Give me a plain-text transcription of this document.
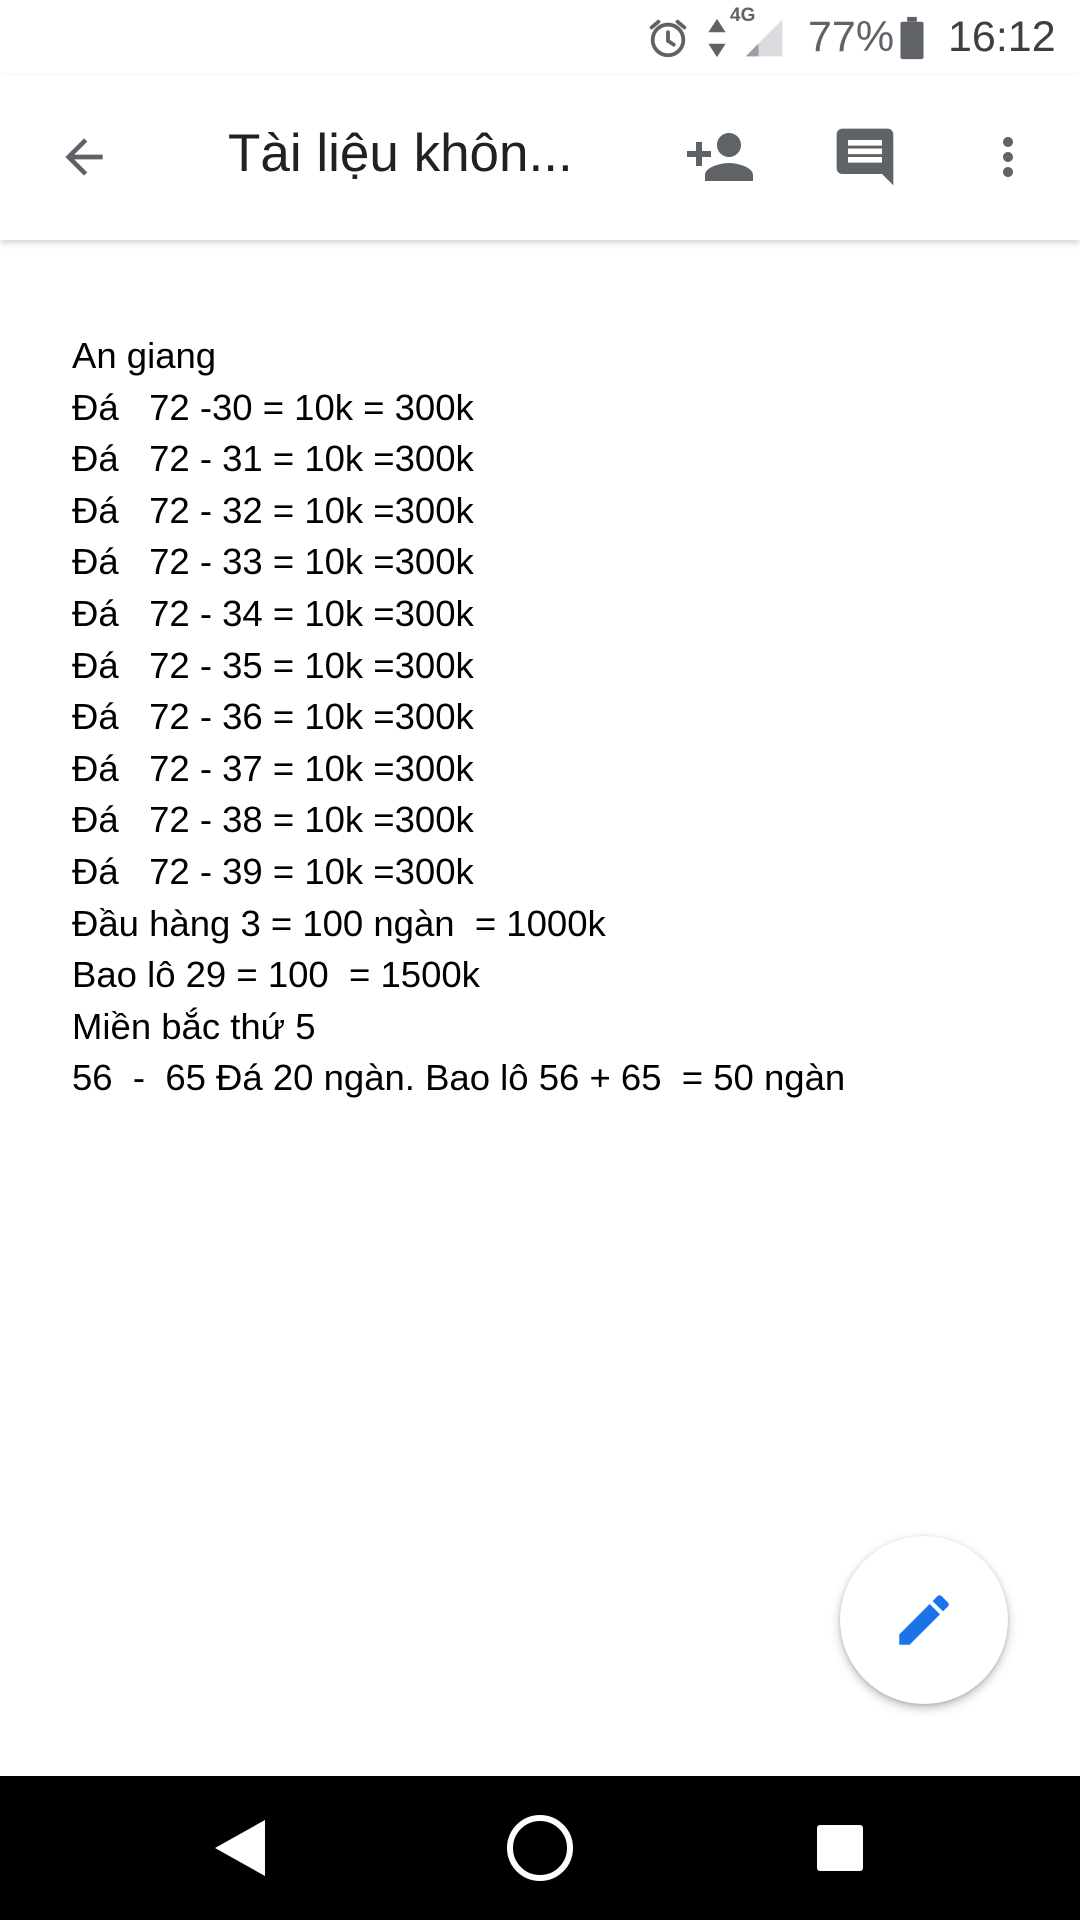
4G 77% 16:12
Tài liệu khôn...
An giang
Đá   72 -30 = 10k = 300k
Đá   72 - 31 = 10k =300k
Đá   72 - 32 = 10k =300k
Đá   72 - 33 = 10k =300k
Đá   72 - 34 = 10k =300k
Đá   72 - 35 = 10k =300k
Đá   72 - 36 = 10k =300k
Đá   72 - 37 = 10k =300k
Đá   72 - 38 = 10k =300k
Đá   72 - 39 = 10k =300k
Đầu hàng 3 = 100 ngàn  = 1000k
Bao lô 29 = 100  = 1500k
Miền bắc thứ 5
56  -  65 Đá 20 ngàn. Bao lô 56 + 65  = 50 ngàn
